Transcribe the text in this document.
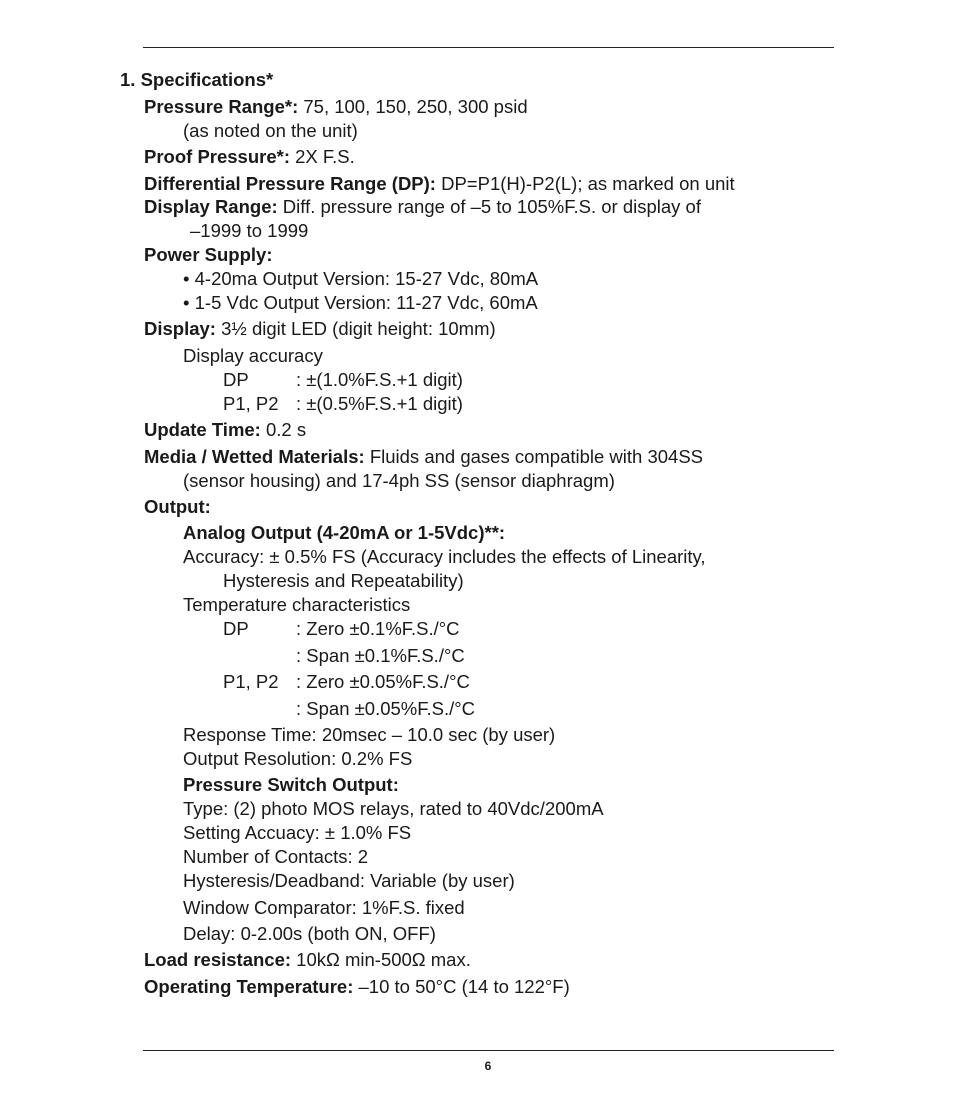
1. Specifications*
Pressure Range*: 75, 100, 150, 250, 300 psid
(as noted on the unit)
Proof Pressure*: 2X F.S.
Differential Pressure Range (DP): DP=P1(H)-P2(L); as marked on unit
Display Range: Diff. pressure range of –5 to 105%F.S. or display of
–1999 to 1999
Power Supply:
• 4-20ma Output Version: 15-27 Vdc, 80mA
• 1-5 Vdc Output Version: 11-27 Vdc, 60mA
Display: 3½ digit LED (digit height: 10mm)
Display accuracy
DP	: ±(1.0%F.S.+1 digit)
P1, P2 : ±(0.5%F.S.+1 digit)
Update Time: 0.2 s
Media / Wetted Materials: Fluids and gases compatible with 304SS
(sensor housing) and 17-4ph SS (sensor diaphragm)
Output:
Analog Output (4-20mA or 1-5Vdc)**:
Accuracy: ± 0.5% FS (Accuracy includes the effects of Linearity,
Hysteresis and Repeatability)
Temperature characteristics
DP	: Zero ±0.1%F.S./°C
: Span ±0.1%F.S./°C
P1, P2 : Zero ±0.05%F.S./°C
: Span ±0.05%F.S./°C
Response Time: 20msec – 10.0 sec (by user)
Output Resolution: 0.2% FS
Pressure Switch Output:
Type: (2) photo MOS relays, rated to 40Vdc/200mA
Setting Accuacy: ± 1.0% FS
Number of Contacts: 2
Hysteresis/Deadband: Variable (by user)
Window Comparator: 1%F.S. fixed
Delay: 0-2.00s (both ON, OFF)
Load resistance: 10kΩ min-500Ω max.
Operating Temperature: –10 to 50°C (14 to 122°F)
6
